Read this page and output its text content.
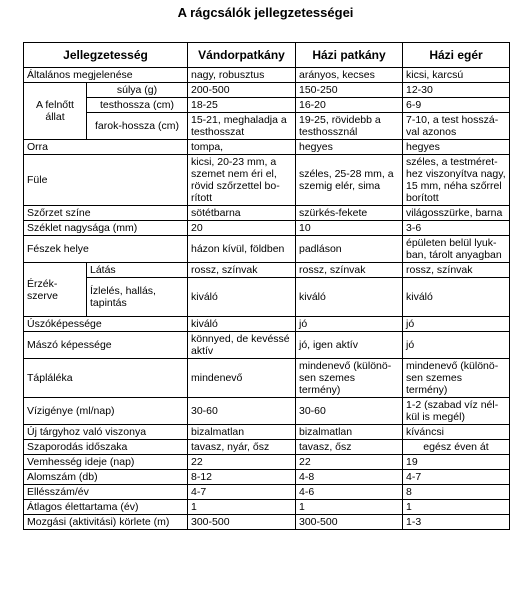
A rágcsálók jellegzetességei
Jellegzetesség		Vándorpatkány	Házi patkány	Házi egér
Általános megjelenése		nagy, robusztus	arányos, kecses	kicsi, karcsú
A felnőtt állat	súlya (g)	200-500	150-250	12-30
	testhossza (cm)	18-25	16-20	6-9
	farok-hossza (cm)	15-21, meghaladja a testhosszat	19-25, rövidebb a testhossznál	7-10, a test hosszá-val azonos
Orra		tompa,	hegyes	hegyes
Füle		kicsi, 20-23 mm, a szemet nem éri el, rövid szőrzettel bo-rított	széles, 25-28 mm, a szemig elér, sima	széles, a testméret-hez viszonyítva nagy, 15 mm, néha szőrrel borított
Szőrzet színe		sötétbarna	szürkés-fekete	világosszürke, barna
Széklet nagysága (mm)		20	10	3-6
Fészek helye		házon kívül, földben	padláson	épületen belül lyuk-ban, tárolt anyagban
Érzék-szerve	Látás	rossz, színvak	rossz, színvak	rossz, színvak
	Ízlelés, hallás, tapintás	kiváló	kiváló	kiváló
Úszóképessége		kiváló	jó	jó
Mászó képessége		könnyed, de kevéssé aktív	jó, igen aktív	jó
Tápláléka		mindenevő	mindenevő (különö-sen szemes termény)	mindenevő (különö-sen szemes termény)
Vízigénye (ml/nap)		30-60	30-60	1-2 (szabad víz nél-kül is megél)
Új tárgyhoz való viszonya		bizalmatlan	bizalmatlan	kíváncsi
Szaporodás időszaka		tavasz, nyár, ősz	tavasz, ősz	egész éven át
Vemhesség ideje (nap)		22	22	19
Alomszám (db)		8-12	4-8	4-7
Ellésszám/év		4-7	4-6	8
Átlagos élettartama (év)		1	1	1
Mozgási (aktivitási) körlete (m)		300-500	300-500	1-3
